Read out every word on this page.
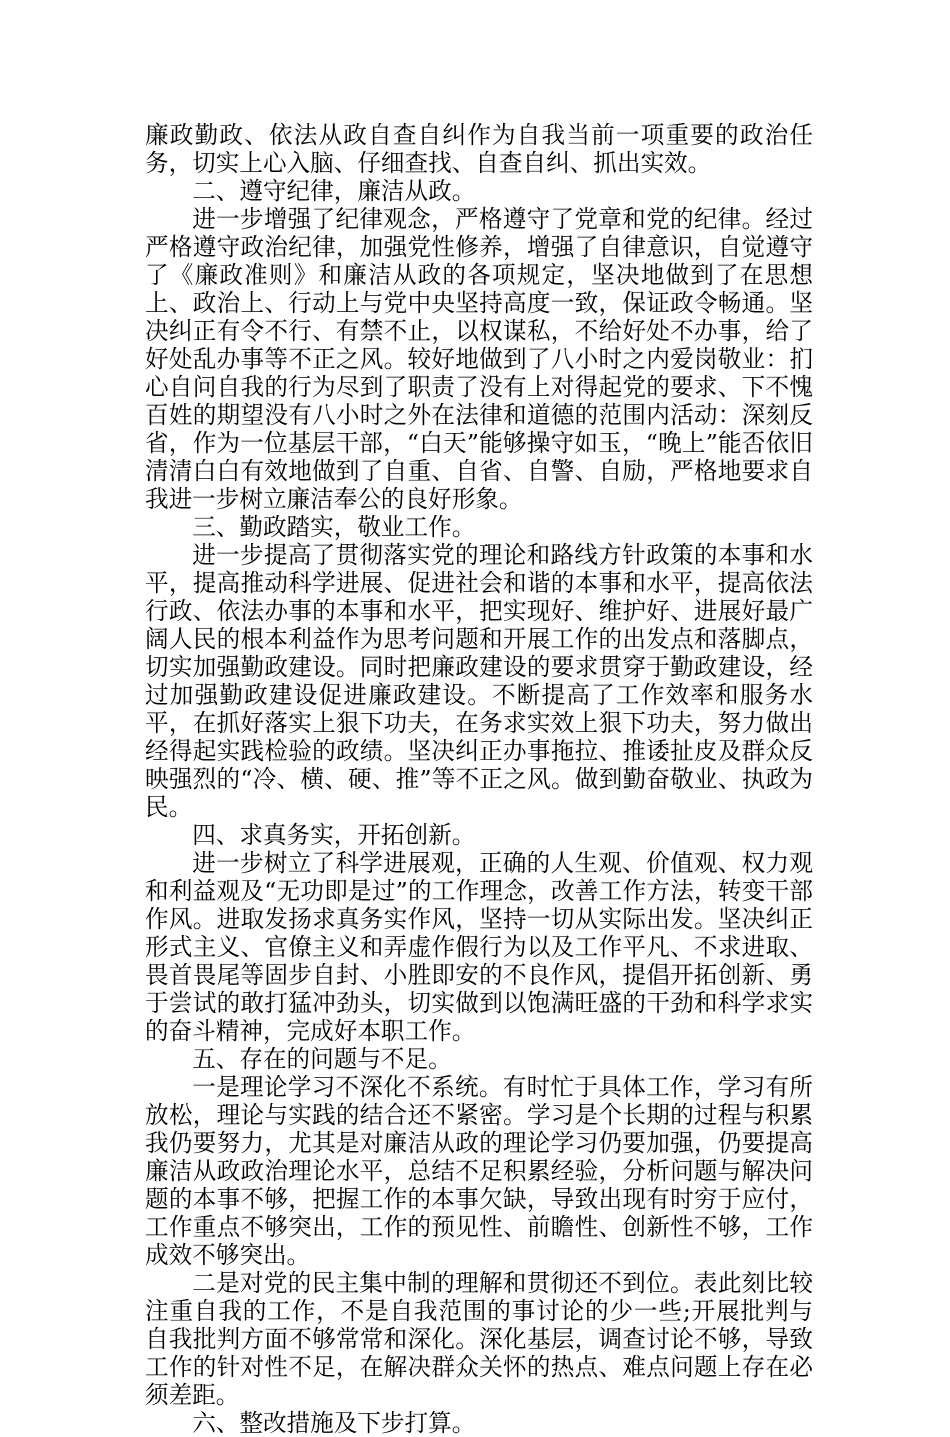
廉政勤政、依法从政自查自纠作为自我当前一项重要的政治任务，切实上心入脑、仔细查找、自查自纠、抓出实效。

二、遵守纪律，廉洁从政。

进一步增强了纪律观念，严格遵守了党章和党的纪律。经过严格遵守政治纪律，加强党性修养，增强了自律意识，自觉遵守了《廉政准则》和廉洁从政的各项规定，坚决地做到了在思想上、政治上、行动上与党中央坚持高度一致，保证政令畅通。坚决纠正有令不行、有禁不止，以权谋私，不给好处不办事，给了好处乱办事等不正之风。较好地做到了八小时之内爱岗敬业：扪心自问自我的行为尽到了职责了没有上对得起党的要求、下不愧百姓的期望没有八小时之外在法律和道德的范围内活动：深刻反省，作为一位基层干部，“白天”能够操守如玉，“晚上”能否依旧清清白白有效地做到了自重、自省、自警、自励，严格地要求自我进一步树立廉洁奉公的良好形象。

三、勤政踏实，敬业工作。

进一步提高了贯彻落实党的理论和路线方针政策的本事和水平，提高推动科学进展、促进社会和谐的本事和水平，提高依法行政、依法办事的本事和水平，把实现好、维护好、进展好最广阔人民的根本利益作为思考问题和开展工作的出发点和落脚点，切实加强勤政建设。同时把廉政建设的要求贯穿于勤政建设，经过加强勤政建设促进廉政建设。不断提高了工作效率和服务水平，在抓好落实上狠下功夫，在务求实效上狠下功夫，努力做出经得起实践检验的政绩。坚决纠正办事拖拉、推诿扯皮及群众反映强烈的“冷、横、硬、推”等不正之风。做到勤奋敬业、执政为民。

四、求真务实，开拓创新。

进一步树立了科学进展观，正确的人生观、价值观、权力观和利益观及“无功即是过”的工作理念，改善工作方法，转变干部作风。进取发扬求真务实作风，坚持一切从实际出发。坚决纠正形式主义、官僚主义和弄虚作假行为以及工作平凡、不求进取、畏首畏尾等固步自封、小胜即安的不良作风，提倡开拓创新、勇于尝试的敢打猛冲劲头，切实做到以饱满旺盛的干劲和科学求实的奋斗精神，完成好本职工作。

五、存在的问题与不足。

一是理论学习不深化不系统。有时忙于具体工作，学习有所放松，理论与实践的结合还不紧密。学习是个长期的过程与积累我仍要努力，尤其是对廉洁从政的理论学习仍要加强，仍要提高廉洁从政政治理论水平，总结不足积累经验，分析问题与解决问题的本事不够，把握工作的本事欠缺，导致出现有时穷于应付，工作重点不够突出，工作的预见性、前瞻性、创新性不够，工作成效不够突出。

二是对党的民主集中制的理解和贯彻还不到位。表此刻比较注重自我的工作，不是自我范围的事讨论的少一些;开展批判与自我批判方面不够常常和深化。深化基层，调查讨论不够，导致工作的针对性不足，在解决群众关怀的热点、难点问题上存在必须差距。

六、整改措施及下步打算。
